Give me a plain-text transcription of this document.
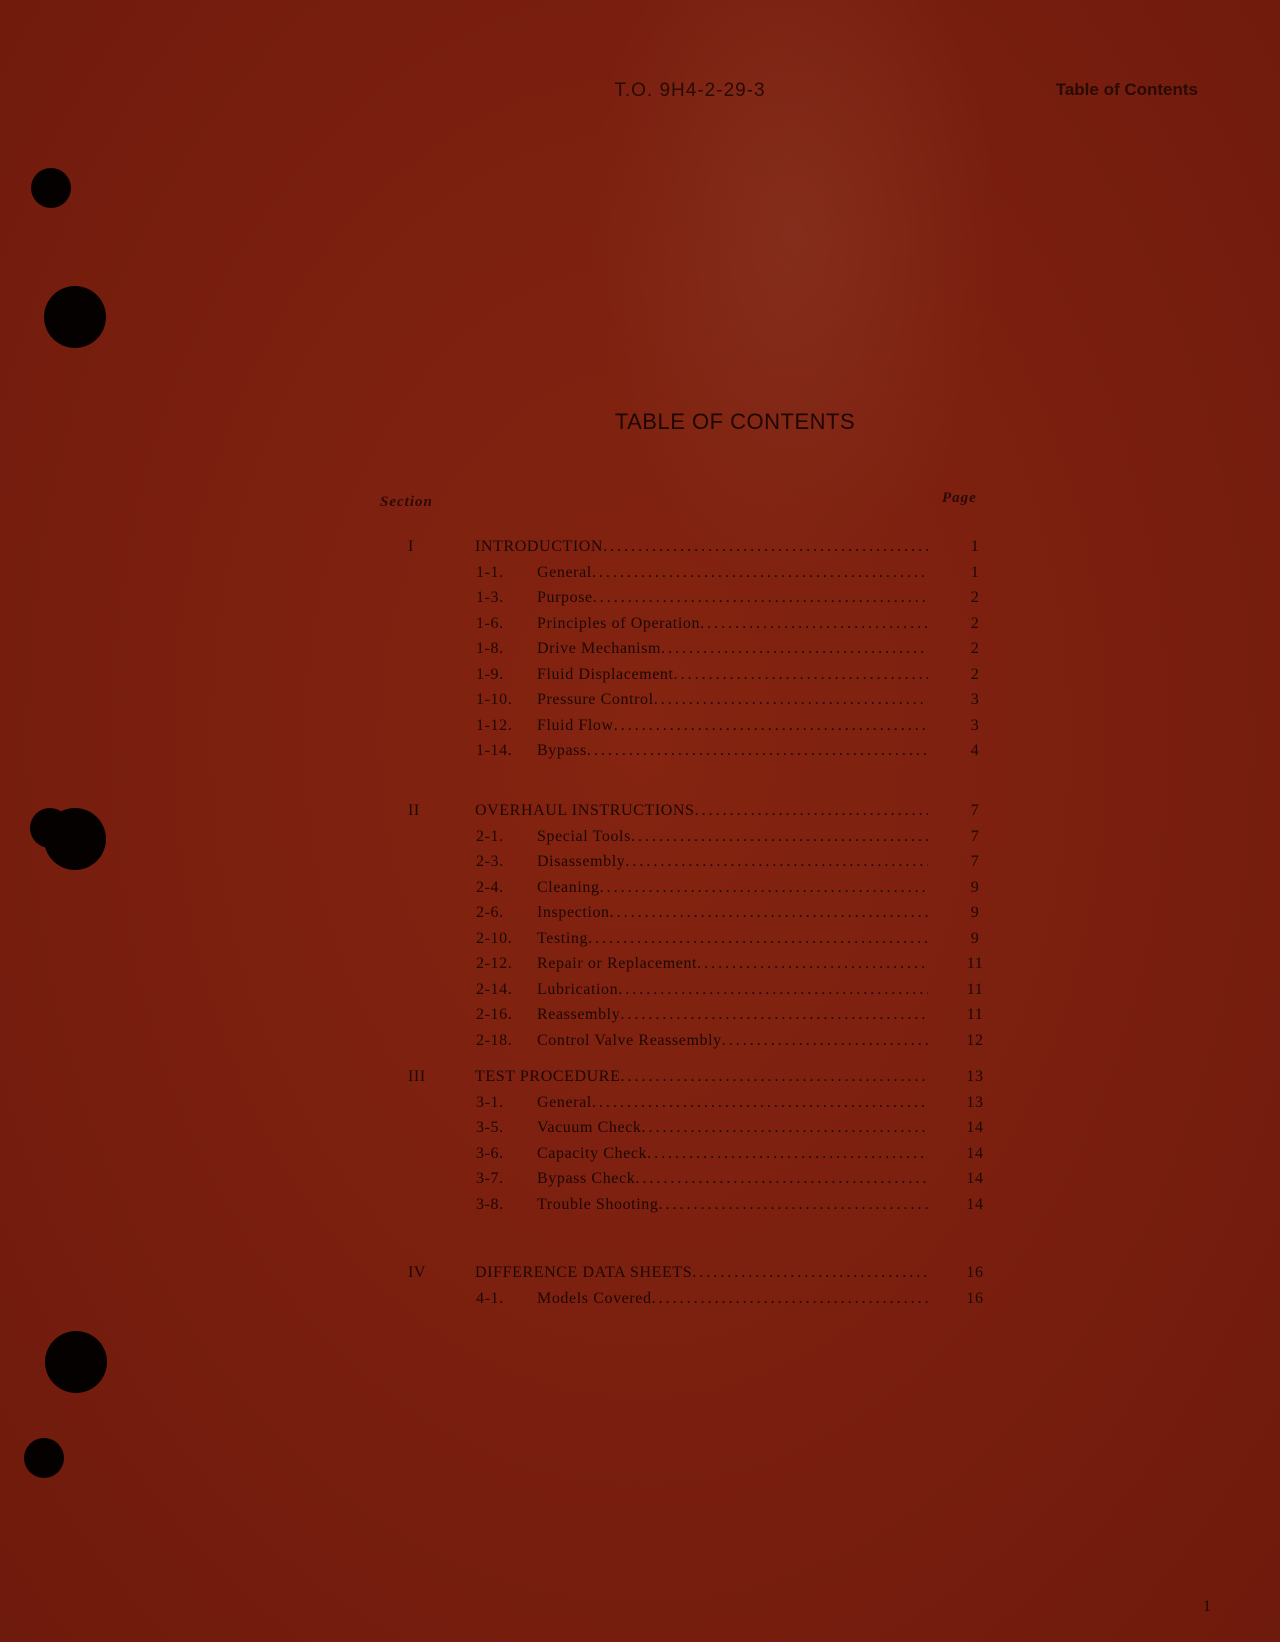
T.O. 9H4-2-29-3	Table of Contents
TABLE OF CONTENTS
Section	Page
I	INTRODUCTION .....	1
1-1.	General .....	1
1-3.	Purpose .....	2
1-6.	Principles of Operation .....	2
1-8.	Drive Mechanism .....	2
1-9.	Fluid Displacement .....	2
1-10.	Pressure Control .....	3
1-12.	Fluid Flow .....	3
1-14.	Bypass .....	4
II	OVERHAUL INSTRUCTIONS .....	7
2-1.	Special Tools .....	7
2-3.	Disassembly .....	7
2-4.	Cleaning .....	9
2-6.	Inspection .....	9
2-10.	Testing .....	9
2-12.	Repair or Replacement .....	11
2-14.	Lubrication .....	11
2-16.	Reassembly .....	11
2-18.	Control Valve Reassembly .....	12
III	TEST PROCEDURE .....	13
3-1.	General .....	13
3-5.	Vacuum Check .....	14
3-6.	Capacity Check .....	14
3-7.	Bypass Check .....	14
3-8.	Trouble Shooting .....	14
IV	DIFFERENCE DATA SHEETS .....	16
4-1.	Models Covered .....	16
1
